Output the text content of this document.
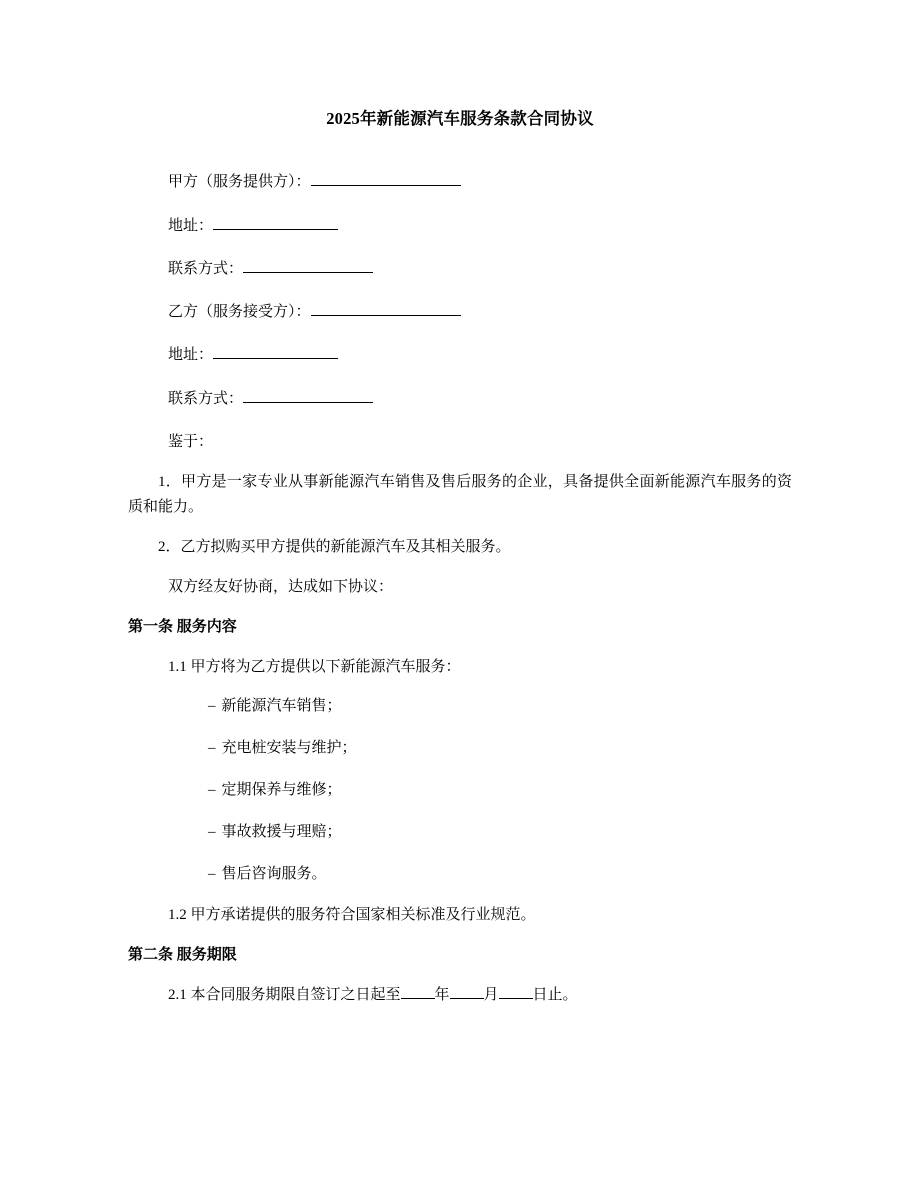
2025年新能源汽车服务条款合同协议

甲方（服务提供方）：

地址：

联系方式：

乙方（服务接受方）：

地址：

联系方式：

鉴于：

1．甲方是一家专业从事新能源汽车销售及售后服务的企业，具备提供全面新能源汽车服务的资质和能力。

2．乙方拟购买甲方提供的新能源汽车及其相关服务。

双方经友好协商，达成如下协议：

第一条 服务内容

1.1 甲方将为乙方提供以下新能源汽车服务：

– 新能源汽车销售；

– 充电桩安装与维护；

– 定期保养与维修；

– 事故救援与理赔；

– 售后咨询服务。

1.2 甲方承诺提供的服务符合国家相关标准及行业规范。

第二条 服务期限

2.1 本合同服务期限自签订之日起至 年 月 日止。
